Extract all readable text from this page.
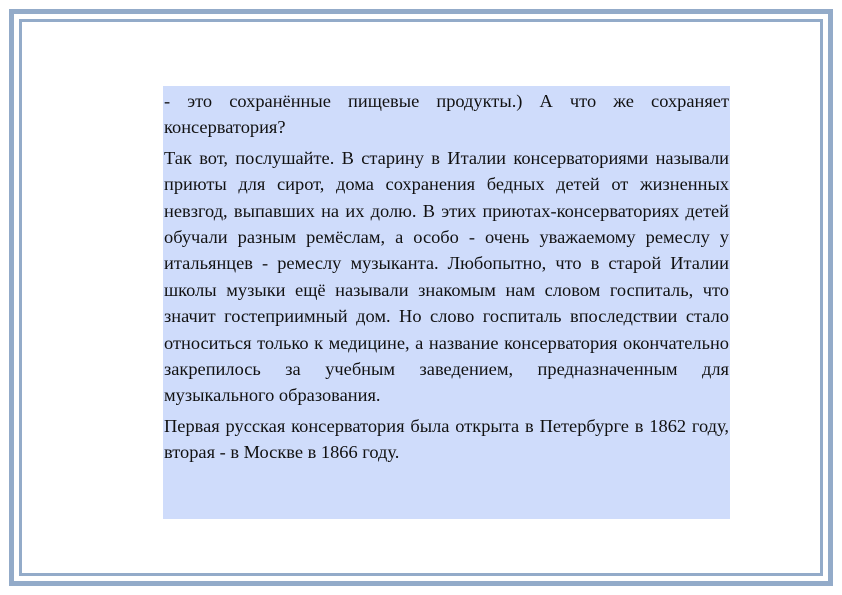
- это сохранённые пищевые продукты.) А что же сохраняет консерватория?

Так вот, послушайте. В старину в Италии консерваториями называли приюты для сирот, дома сохранения бедных детей от жизненных невзгод, выпавших на их долю. В этих приютах-консерваториях детей обучали разным ремёслам, а особо - очень уважаемому ремеслу у итальянцев - ремеслу музыканта. Любопытно, что в старой Италии школы музыки ещё называли знакомым нам словом госпиталь, что значит гостеприимный дом. Но слово госпиталь впоследствии стало относиться только к медицине, а название консерватория окончательно закрепилось за учебным заведением, предназначенным для музыкального образования.

Первая русская консерватория была открыта в Петербурге в 1862 году, вторая - в Москве в 1866 году.
